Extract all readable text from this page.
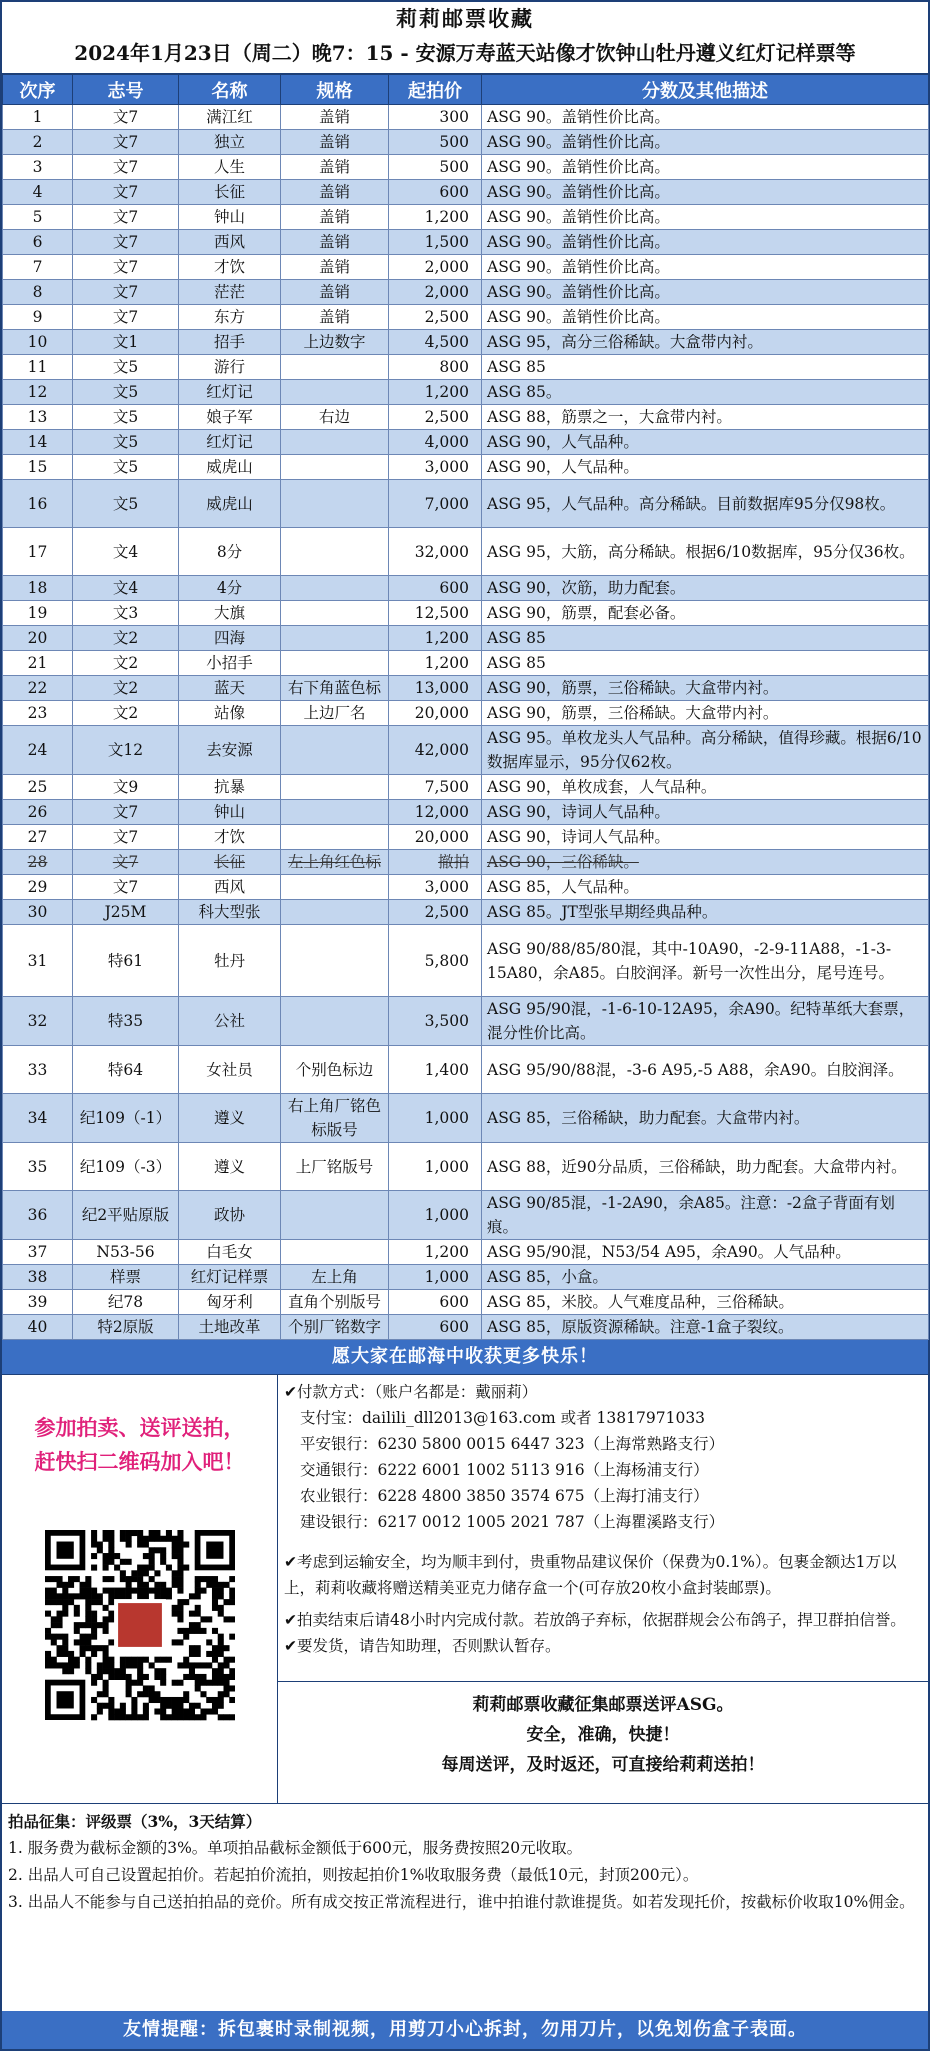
莉莉邮票收藏
2024年1月23日（周二）晚7：15 - 安源万寿蓝天站像才饮钟山牡丹遵义红灯记样票等
次序	志号	名称	规格	起拍价	分数及其他描述
1	文7	满江红	盖销	300	ASG 90。盖销性价比高。
2	文7	独立	盖销	500	ASG 90。盖销性价比高。
3	文7	人生	盖销	500	ASG 90。盖销性价比高。
4	文7	长征	盖销	600	ASG 90。盖销性价比高。
5	文7	钟山	盖销	1,200	ASG 90。盖销性价比高。
6	文7	西风	盖销	1,500	ASG 90。盖销性价比高。
7	文7	才饮	盖销	2,000	ASG 90。盖销性价比高。
8	文7	茫茫	盖销	2,000	ASG 90。盖销性价比高。
9	文7	东方	盖销	2,500	ASG 90。盖销性价比高。
10	文1	招手	上边数字	4,500	ASG 95，高分三俗稀缺。大盒带内衬。
11	文5	游行		800	ASG 85
12	文5	红灯记		1,200	ASG 85。
13	文5	娘子军	右边	2,500	ASG 88，筋票之一，大盒带内衬。
14	文5	红灯记		4,000	ASG 90，人气品种。
15	文5	威虎山		3,000	ASG 90，人气品种。
16	文5	威虎山		7,000	ASG 95，人气品种。高分稀缺。目前数据库95分仅98枚。
17	文4	8分		32,000	ASG 95，大筋，高分稀缺。根据6/10数据库，95分仅36枚。
18	文4	4分		600	ASG 90，次筋，助力配套。
19	文3	大旗		12,500	ASG 90，筋票，配套必备。
20	文2	四海		1,200	ASG 85
21	文2	小招手		1,200	ASG 85
22	文2	蓝天	右下角蓝色标	13,000	ASG 90，筋票，三俗稀缺。大盒带内衬。
23	文2	站像	上边厂名	20,000	ASG 90，筋票，三俗稀缺。大盒带内衬。
24	文12	去安源		42,000	ASG 95。单枚龙头人气品种。高分稀缺，值得珍藏。根据6/10数据库显示，95分仅62枚。
25	文9	抗暴		7,500	ASG 90，单枚成套，人气品种。
26	文7	钟山		12,000	ASG 90，诗词人气品种。
27	文7	才饮		20,000	ASG 90，诗词人气品种。
28	文7	长征	左上角红色标	撤拍	ASG 90，三俗稀缺。
29	文7	西风		3,000	ASG 85，人气品种。
30	J25M	科大型张		2,500	ASG 85。JT型张早期经典品种。
31	特61	牡丹		5,800	ASG 90/88/85/80混，其中-10A90，-2-9-11A88，-1-3-15A80，余A85。白胶润泽。新号一次性出分，尾号连号。
32	特35	公社		3,500	ASG 95/90混，-1-6-10-12A95，余A90。纪特革纸大套票，混分性价比高。
33	特64	女社员	个别色标边	1,400	ASG 95/90/88混，-3-6 A95,-5 A88，余A90。白胶润泽。
34	纪109（-1）	遵义	右上角厂铭色标版号	1,000	ASG 85，三俗稀缺，助力配套。大盒带内衬。
35	纪109（-3）	遵义	上厂铭版号	1,000	ASG 88，近90分品质，三俗稀缺，助力配套。大盒带内衬。
36	纪2平贴原版	政协		1,000	ASG 90/85混，-1-2A90，余A85。注意：-2盒子背面有划痕。
37	N53-56	白毛女		1,200	ASG 95/90混，N53/54 A95，余A90。人气品种。
38	样票	红灯记样票	左上角	1,000	ASG 85，小盒。
39	纪78	匈牙利	直角个别版号	600	ASG 85，米胶。人气难度品种，三俗稀缺。
40	特2原版	土地改革	个别厂铭数字	600	ASG 85，原版资源稀缺。注意-1盒子裂纹。
愿大家在邮海中收获更多快乐！
参加拍卖、送评送拍，
赶快扫二维码加入吧！

✔付款方式：（账户名都是：戴丽莉）

支付宝：dailili_dll2013@163.com 或者 13817971033

平安银行：6230 5800 0015 6447 323（上海常熟路支行）

交通银行：6222 6001 1002 5113 916（上海杨浦支行）

农业银行：6228 4800 3850 3574 675（上海打浦支行）

建设银行：6217 0012 1005 2021 787（上海瞿溪路支行）

✔考虑到运输安全，均为顺丰到付，贵重物品建议保价（保费为0.1%）。包裹金额达1万以上，莉莉收藏将赠送精美亚克力储存盒一个(可存放20枚小盒封装邮票)。

✔拍卖结束后请48小时内完成付款。若放鸽子弃标，依据群规会公布鸽子，捍卫群拍信誉。

✔要发货，请告知助理，否则默认暂存。

莉莉邮票收藏征集邮票送评ASG。
安全，准确，快捷！
每周送评，及时返还，可直接给莉莉送拍！
拍品征集：评级票（3%，3天结算）
1. 服务费为截标金额的3%。单项拍品截标金额低于600元，服务费按照20元收取。
2. 出品人可自己设置起拍价。若起拍价流拍，则按起拍价1%收取服务费（最低10元，封顶200元）。
3. 出品人不能参与自己送拍拍品的竞价。所有成交按正常流程进行，谁中拍谁付款谁提货。如若发现托价，按截标价收取10%佣金。
友情提醒：拆包裹时录制视频，用剪刀小心拆封，勿用刀片，以免划伤盒子表面。
